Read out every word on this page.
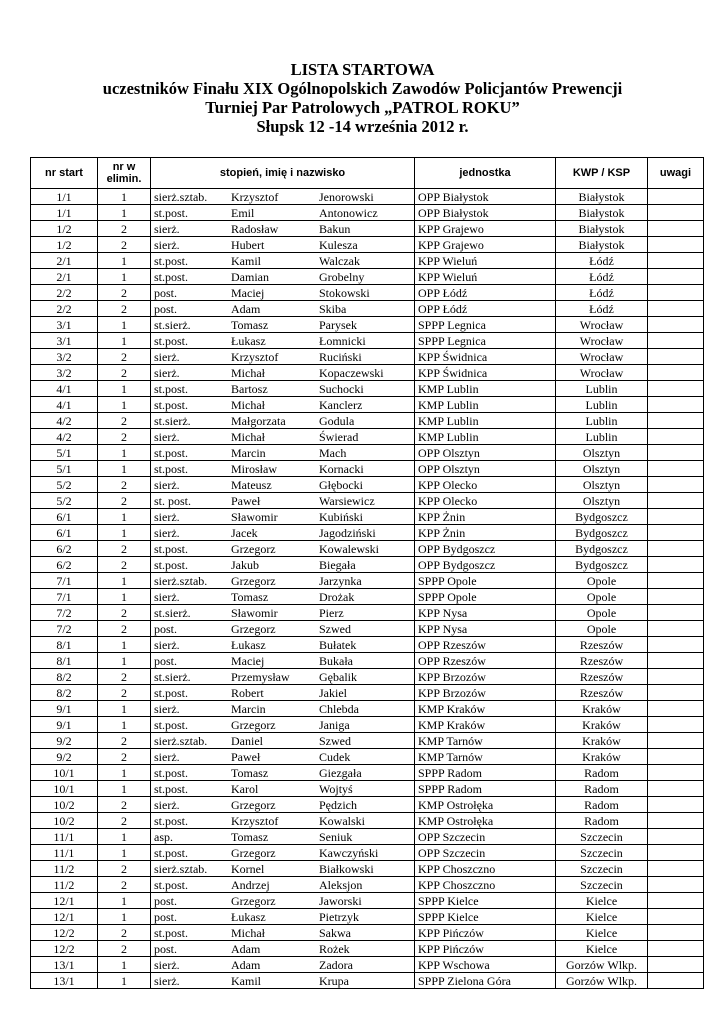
LISTA STARTOWA
uczestników Finału XIX Ogólnopolskich Zawodów Policjantów Prewencji
Turniej Par Patrolowych „PATROL ROKU”
Słupsk 12 -14 września 2012 r.
nr start	nr w
elimin.	stopień, imię i nazwisko	jednostka	KWP / KSP	uwagi
1/1	1	sierż.sztab. Krzysztof Jenorowski	OPP Białystok	Białystok	
1/1	1	st.post. Emil Antonowicz	OPP Białystok	Białystok	
1/2	2	sierż. Radosław Bakun	KPP Grajewo	Białystok	
1/2	2	sierż. Hubert Kulesza	KPP Grajewo	Białystok	
2/1	1	st.post. Kamil Walczak	KPP Wieluń	Łódź	
2/1	1	st.post. Damian Grobelny	KPP Wieluń	Łódź	
2/2	2	post. Maciej Stokowski	OPP Łódź	Łódź	
2/2	2	post. Adam Skiba	OPP Łódź	Łódź	
3/1	1	st.sierż. Tomasz Parysek	SPPP Legnica	Wrocław	
3/1	1	st.post. Łukasz Łomnicki	SPPP Legnica	Wrocław	
3/2	2	sierż. Krzysztof Ruciński	KPP Świdnica	Wrocław	
3/2	2	sierż. Michał Kopaczewski	KPP Świdnica	Wrocław	
4/1	1	st.post. Bartosz Suchocki	KMP Lublin	Lublin	
4/1	1	st.post. Michał Kanclerz	KMP Lublin	Lublin	
4/2	2	st.sierż. Małgorzata Godula	KMP Lublin	Lublin	
4/2	2	sierż. Michał Świerad	KMP Lublin	Lublin	
5/1	1	st.post. Marcin Mach	OPP Olsztyn	Olsztyn	
5/1	1	st.post. Mirosław Kornacki	OPP Olsztyn	Olsztyn	
5/2	2	sierż. Mateusz Głębocki	KPP Olecko	Olsztyn	
5/2	2	st. post. Paweł Warsiewicz	KPP Olecko	Olsztyn	
6/1	1	sierż. Sławomir Kubiński	KPP Żnin	Bydgoszcz	
6/1	1	sierż. Jacek Jagodziński	KPP Żnin	Bydgoszcz	
6/2	2	st.post. Grzegorz Kowalewski	OPP Bydgoszcz	Bydgoszcz	
6/2	2	st.post. Jakub Biegała	OPP Bydgoszcz	Bydgoszcz	
7/1	1	sierż.sztab. Grzegorz Jarzynka	SPPP Opole	Opole	
7/1	1	sierż. Tomasz Drożak	SPPP Opole	Opole	
7/2	2	st.sierż. Sławomir Pierz	KPP Nysa	Opole	
7/2	2	post. Grzegorz Szwed	KPP Nysa	Opole	
8/1	1	sierż. Łukasz Bułatek	OPP Rzeszów	Rzeszów	
8/1	1	post. Maciej Bukała	OPP Rzeszów	Rzeszów	
8/2	2	st.sierż. Przemysław Gębalik	KPP Brzozów	Rzeszów	
8/2	2	st.post. Robert Jakiel	KPP Brzozów	Rzeszów	
9/1	1	sierż. Marcin Chlebda	KMP Kraków	Kraków	
9/1	1	st.post. Grzegorz Janiga	KMP Kraków	Kraków	
9/2	2	sierż.sztab. Daniel Szwed	KMP Tarnów	Kraków	
9/2	2	sierż. Paweł Cudek	KMP Tarnów	Kraków	
10/1	1	st.post. Tomasz Giezgała	SPPP Radom	Radom	
10/1	1	st.post. Karol Wojtyś	SPPP Radom	Radom	
10/2	2	sierż. Grzegorz Pędzich	KMP Ostrołęka	Radom	
10/2	2	st.post. Krzysztof Kowalski	KMP Ostrołęka	Radom	
11/1	1	asp. Tomasz Seniuk	OPP Szczecin	Szczecin	
11/1	1	st.post. Grzegorz Kawczyński	OPP Szczecin	Szczecin	
11/2	2	sierż.sztab. Kornel Białkowski	KPP Choszczno	Szczecin	
11/2	2	st.post. Andrzej Aleksjon	KPP Choszczno	Szczecin	
12/1	1	post. Grzegorz Jaworski	SPPP Kielce	Kielce	
12/1	1	post. Łukasz Pietrzyk	SPPP Kielce	Kielce	
12/2	2	st.post. Michał Sakwa	KPP Pińczów	Kielce	
12/2	2	post. Adam Rożek	KPP Pińczów	Kielce	
13/1	1	sierż. Adam Zadora	KPP Wschowa	Gorzów Wlkp.	
13/1	1	sierż. Kamil Krupa	SPPP Zielona Góra	Gorzów Wlkp.	
